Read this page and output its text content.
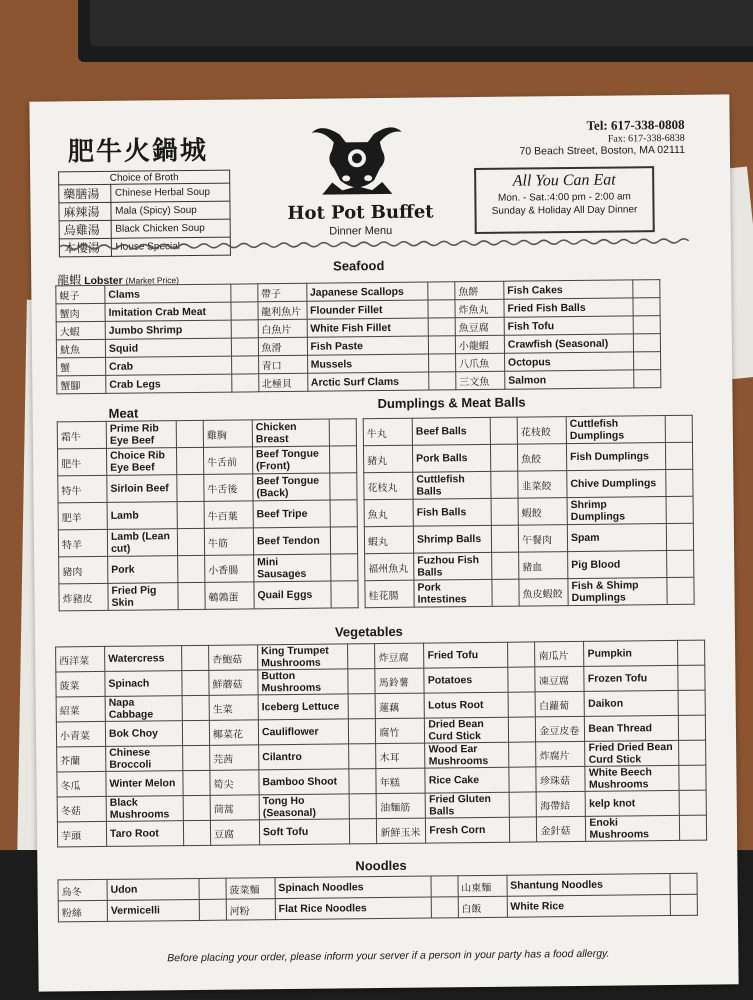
肥牛火鍋城
Choice of Broth	
藥膳湯	Chinese Herbal Soup
麻辣湯	Mala (Spicy) Soup
烏雞湯	Black Chicken Soup
本樓湯	House Special
Hot Pot Buffet
Dinner Menu
Tel: 617-338-0808
Fax: 617-338-6838
70 Beach Street, Boston, MA 02111
All You Can Eat
Mon. - Sat.:4:00 pm - 2:00 am
Sunday & Holiday All Day Dinner
Seafood
龍蝦 Lobster (Market Price)
蜆子	Clams		帶子	Japanese Scallops		魚餅	Fish Cakes	
蟹肉	Imitation Crab Meat		龍利魚片	Flounder Fillet		炸魚丸	Fried Fish Balls	
大蝦	Jumbo Shrimp		白魚片	White Fish Fillet		魚豆腐	Fish Tofu	
魷魚	Squid		魚滑	Fish Paste		小龍蝦	Crawfish (Seasonal)	
蟹	Crab		青口	Mussels		八爪魚	Octopus	
蟹腳	Crab Legs		北極貝	Arctic Surf Clams		三文魚	Salmon	
Meat
Dumplings & Meat Balls
霜牛	Prime Rib Eye Beef		雞胸	Chicken Breast	
肥牛	Choice Rib Eye Beef		牛舌前	Beef Tongue (Front)	
特牛	Sirloin Beef		牛舌後	Beef Tongue (Back)	
肥羊	Lamb		牛百葉	Beef Tripe	
特羊	Lamb (Lean cut)		牛筋	Beef Tendon	
豬肉	Pork		小香腸	Mini Sausages	
炸豬皮	Fried Pig Skin		鵪鶉蛋	Quail Eggs	
牛丸	Beef Balls		花枝餃	Cuttlefish Dumplings	
豬丸	Pork Balls		魚餃	Fish Dumplings	
花枝丸	Cuttlefish Balls		韭菜餃	Chive Dumplings	
魚丸	Fish Balls		蝦餃	Shrimp Dumplings	
蝦丸	Shrimp Balls		午餐肉	Spam	
福州魚丸	Fuzhou Fish Balls		豬血	Pig Blood	
桂花腸	Pork Intestines		魚皮蝦餃	Fish & Shimp Dumplings	
Vegetables
西洋菜	Watercress		杏鮑菇	King Trumpet Mushrooms		炸豆腐	Fried Tofu		南瓜片	Pumpkin	
菠菜	Spinach		鮮蘑菇	Button Mushrooms		馬鈴薯	Potatoes		凍豆腐	Frozen Tofu	
紹菜	Napa Cabbage		生菜	Iceberg Lettuce		蓮藕	Lotus Root		白蘿蔔	Daikon	
小青菜	Bok Choy		椰菜花	Cauliflower		腐竹	Dried Bean Curd Stick		金豆皮卷	Bean Thread	
芥蘭	Chinese Broccoli		芫茜	Cilantro		木耳	Wood Ear Mushrooms		炸腐片	Fried Dried Bean Curd Stick	
冬瓜	Winter Melon		筍尖	Bamboo Shoot		年糕	Rice Cake		珍珠菇	White Beech Mushrooms	
冬菇	Black Mushrooms		茼蒿	Tong Ho (Seasonal)		油麵筋	Fried Gluten Balls		海帶結	kelp knot	
芋頭	Taro Root		豆腐	Soft Tofu		新鮮玉米	Fresh Corn		金針菇	Enoki Mushrooms	
Noodles
烏冬	Udon		菠菜麵	Spinach Noodles		山東麵	Shantung Noodles	
粉絲	Vermicelli		河粉	Flat Rice Noodles		白飯	White Rice	
Before placing your order, please inform your server if a person in your party has a food allergy.
